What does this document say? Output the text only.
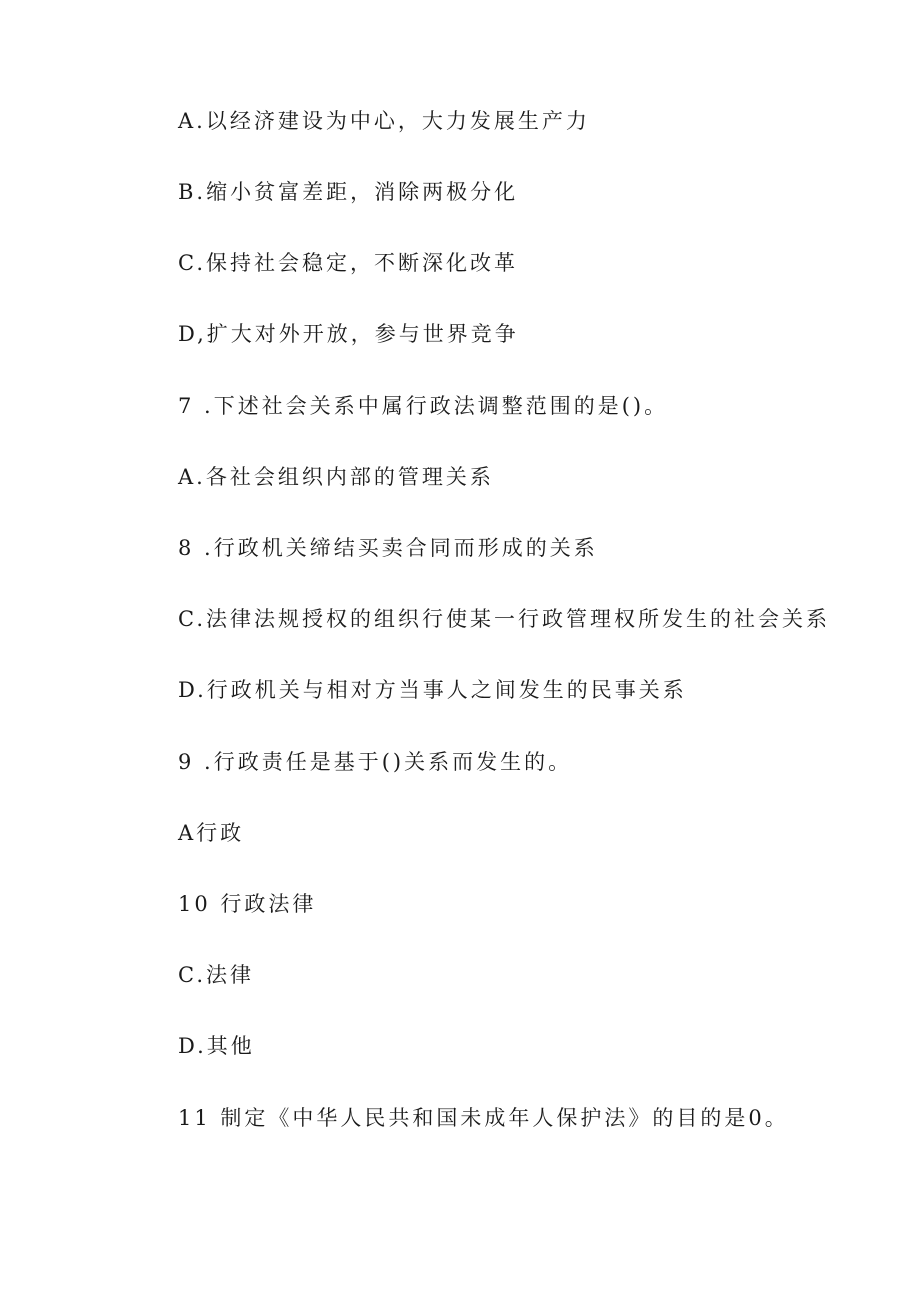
A.以经济建设为中心，大力发展生产力
B.缩小贫富差距，消除两极分化
C.保持社会稳定，不断深化改革
D,扩大对外开放，参与世界竞争
7 .下述社会关系中属行政法调整范围的是()。
A.各社会组织内部的管理关系
8 .行政机关缔结买卖合同而形成的关系
C.法律法规授权的组织行使某一行政管理权所发生的社会关系
D.行政机关与相对方当事人之间发生的民事关系
9 .行政责任是基于()关系而发生的。
A行政
10 行政法律
C.法律
D.其他
11 制定《中华人民共和国未成年人保护法》的目的是0。
